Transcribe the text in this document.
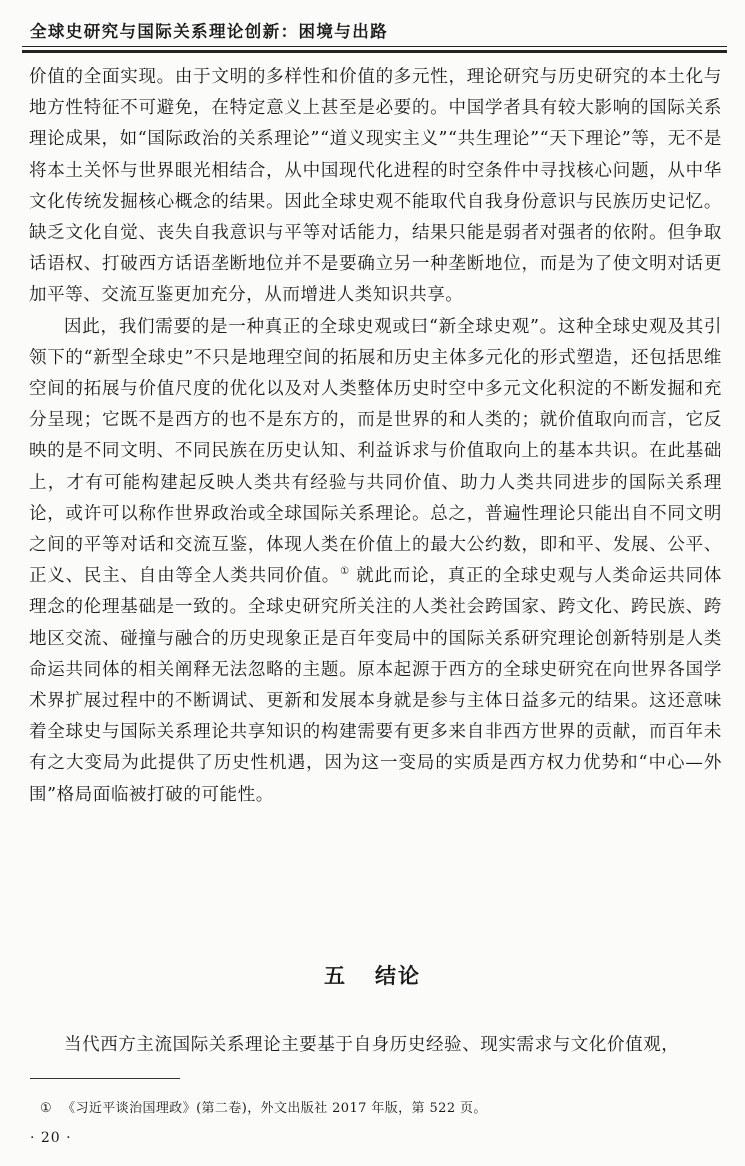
全球史研究与国际关系理论创新：困境与出路

价值的全面实现。由于文明的多样性和价值的多元性，理论研究与历史研究的本土化与地方性特征不可避免，在特定意义上甚至是必要的。中国学者具有较大影响的国际关系理论成果，如“国际政治的关系理论”“道义现实主义”“共生理论”“天下理论”等，无不是将本土关怀与世界眼光相结合，从中国现代化进程的时空条件中寻找核心问题，从中华文化传统发掘核心概念的结果。因此全球史观不能取代自我身份意识与民族历史记忆。缺乏文化自觉、丧失自我意识与平等对话能力，结果只能是弱者对强者的依附。但争取话语权、打破西方话语垄断地位并不是要确立另一种垄断地位，而是为了使文明对话更加平等、交流互鉴更加充分，从而增进人类知识共享。

因此，我们需要的是一种真正的全球史观或曰“新全球史观”。这种全球史观及其引领下的“新型全球史”不只是地理空间的拓展和历史主体多元化的形式塑造，还包括思维空间的拓展与价值尺度的优化以及对人类整体历史时空中多元文化积淀的不断发掘和充分呈现；它既不是西方的也不是东方的，而是世界的和人类的；就价值取向而言，它反映的是不同文明、不同民族在历史认知、利益诉求与价值取向上的基本共识。在此基础上，才有可能构建起反映人类共有经验与共同价值、助力人类共同进步的国际关系理论，或许可以称作世界政治或全球国际关系理论。总之，普遍性理论只能出自不同文明之间的平等对话和交流互鉴，体现人类在价值上的最大公约数，即和平、发展、公平、正义、民主、自由等全人类共同价值。① 就此而论，真正的全球史观与人类命运共同体理念的伦理基础是一致的。全球史研究所关注的人类社会跨国家、跨文化、跨民族、跨地区交流、碰撞与融合的历史现象正是百年变局中的国际关系研究理论创新特别是人类命运共同体的相关阐释无法忽略的主题。原本起源于西方的全球史研究在向世界各国学术界扩展过程中的不断调试、更新和发展本身就是参与主体日益多元的结果。这还意味着全球史与国际关系理论共享知识的构建需要有更多来自非西方世界的贡献，而百年未有之大变局为此提供了历史性机遇，因为这一变局的实质是西方权力优势和“中心—外围”格局面临被打破的可能性。

五 结论

当代西方主流国际关系理论主要基于自身历史经验、现实需求与文化价值观，

① 《习近平谈治国理政》(第二卷)，外文出版社 2017 年版，第 522 页。
· 20 ·
